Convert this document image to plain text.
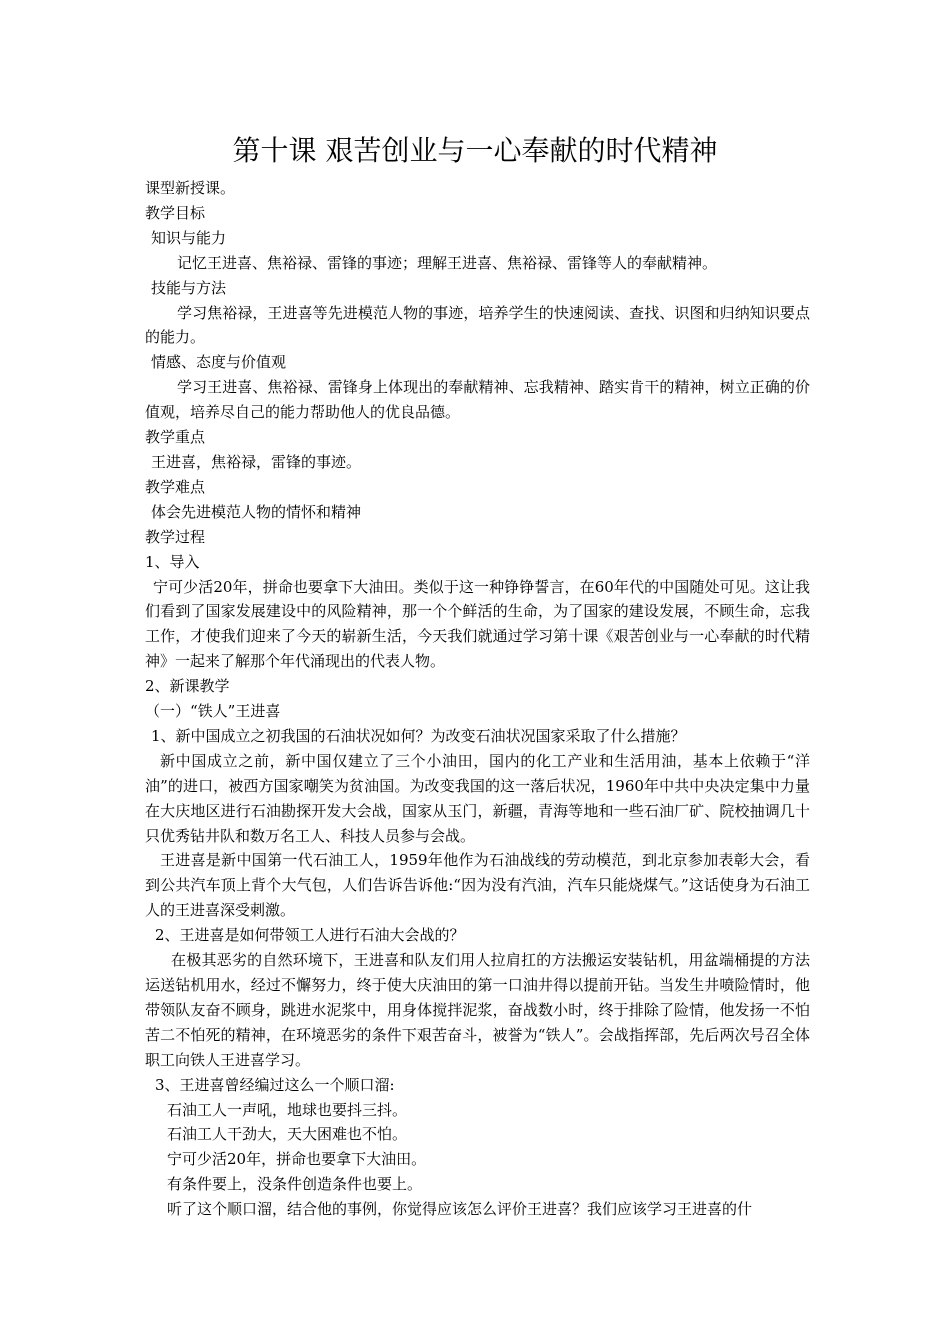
第十课 艰苦创业与一心奉献的时代精神

课型新授课。

教学目标

知识与能力

记忆王进喜、焦裕禄、雷锋的事迹；理解王进喜、焦裕禄、雷锋等人的奉献精神。

技能与方法

学习焦裕禄，王进喜等先进模范人物的事迹，培养学生的快速阅读、查找、识图和归纳知识要点的能力。

情感、态度与价值观

学习王进喜、焦裕禄、雷锋身上体现出的奉献精神、忘我精神、踏实肯干的精神，树立正确的价值观，培养尽自己的能力帮助他人的优良品德。

教学重点

王进喜，焦裕禄，雷锋的事迹。

教学难点

体会先进模范人物的情怀和精神

教学过程

1、导入

宁可少活20年，拼命也要拿下大油田。类似于这一种铮铮誓言，在60年代的中国随处可见。这让我们看到了国家发展建设中的风险精神，那一个个鲜活的生命，为了国家的建设发展，不顾生命，忘我工作，才使我们迎来了今天的崭新生活，今天我们就通过学习第十课《艰苦创业与一心奉献的时代精神》一起来了解那个年代涌现出的代表人物。

2、新课教学

（一）“铁人”王进喜

1、新中国成立之初我国的石油状况如何？为改变石油状况国家采取了什么措施？

新中国成立之前，新中国仅建立了三个小油田，国内的化工产业和生活用油，基本上依赖于“洋油”的进口，被西方国家嘲笑为贫油国。为改变我国的这一落后状况，1960年中共中央决定集中力量在大庆地区进行石油勘探开发大会战，国家从玉门，新疆，青海等地和一些石油厂矿、院校抽调几十只优秀钻井队和数万名工人、科技人员参与会战。

王进喜是新中国第一代石油工人，1959年他作为石油战线的劳动模范，到北京参加表彰大会，看到公共汽车顶上背个大气包，人们告诉告诉他:“因为没有汽油，汽车只能烧煤气。”这话使身为石油工人的王进喜深受刺激。

2、王进喜是如何带领工人进行石油大会战的？

在极其恶劣的自然环境下，王进喜和队友们用人拉肩扛的方法搬运安装钻机，用盆端桶提的方法运送钻机用水，经过不懈努力，终于使大庆油田的第一口油井得以提前开钻。当发生井喷险情时，他带领队友奋不顾身，跳进水泥浆中，用身体搅拌泥浆，奋战数小时，终于排除了险情，他发扬一不怕苦二不怕死的精神，在环境恶劣的条件下艰苦奋斗，被誉为“铁人”。会战指挥部，先后两次号召全体职工向铁人王进喜学习。

3、王进喜曾经编过这么一个顺口溜:

石油工人一声吼，地球也要抖三抖。

石油工人干劲大，天大困难也不怕。

宁可少活20年，拼命也要拿下大油田。

有条件要上，没条件创造条件也要上。

听了这个顺口溜，结合他的事例，你觉得应该怎么评价王进喜？我们应该学习王进喜的什
